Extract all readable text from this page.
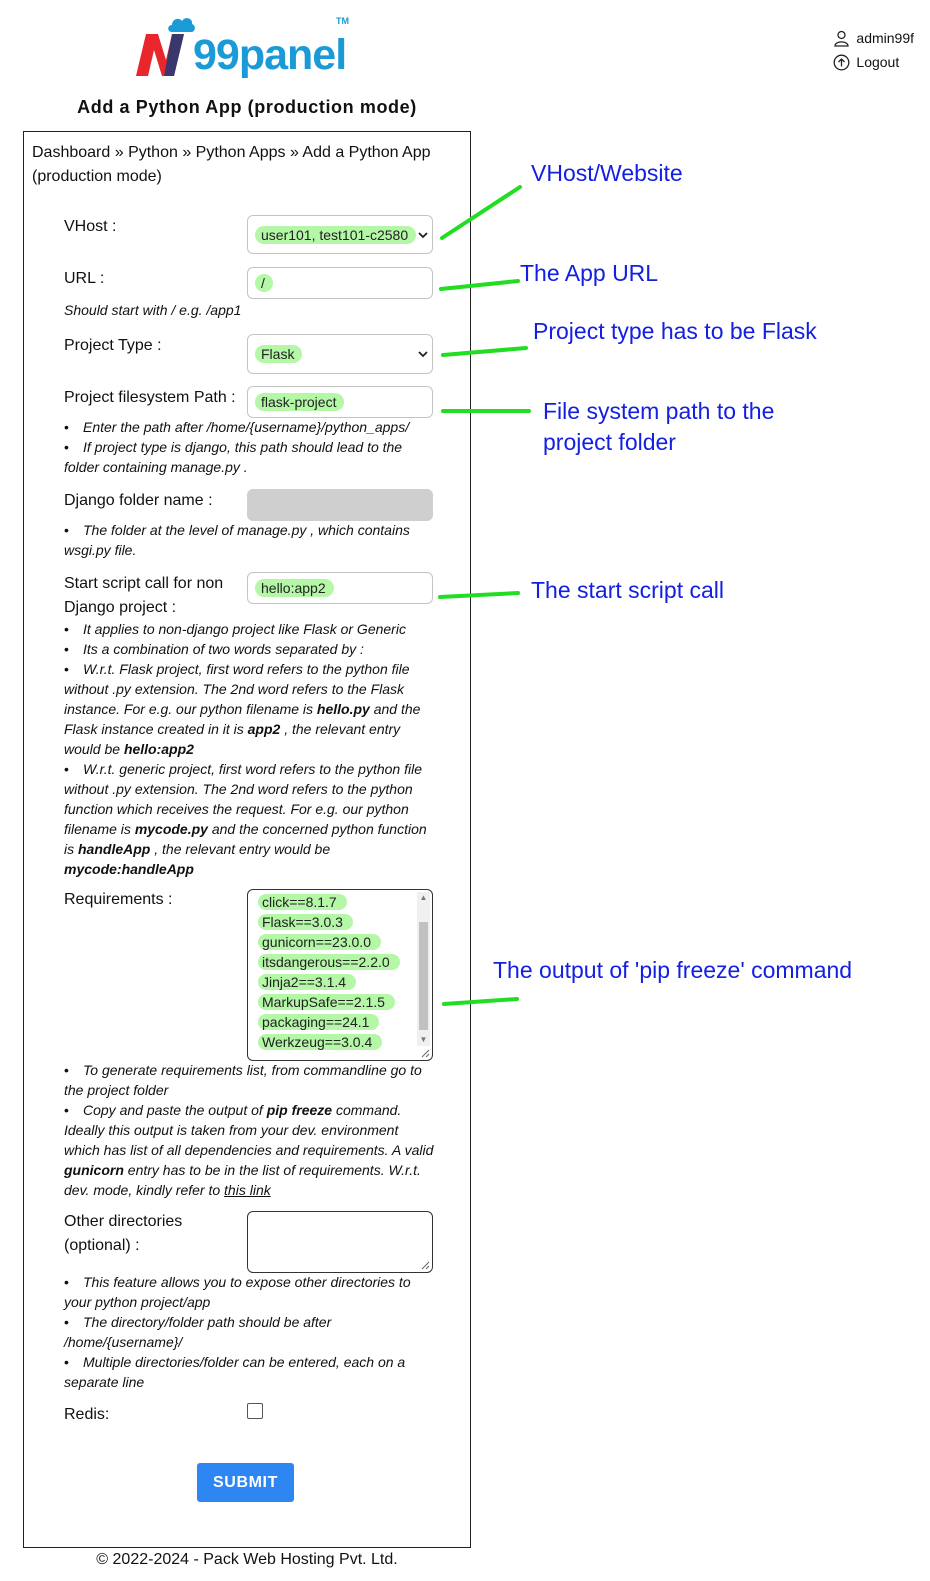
99panel
TM
admin99f
Logout
Add a Python App (production mode)
Dashboard » Python » Python Apps » Add a Python App (production mode)
VHost :	user101, test101-c2580
URL :	/
Should start with / e.g. /app1
Project Type :	Flask
Project filesystem Path :	flask-project
• Enter the path after /home/{username}/python_apps/
• If project type is django, this path should lead to the folder containing manage.py .
Django folder name :
• The folder at the level of manage.py , which contains wsgi.py file.
Start script call for non Django project :
hello:app2
• It applies to non-django project like Flask or Generic
• Its a combination of two words separated by :
• W.r.t. Flask project, first word refers to the python file without .py extension. The 2nd word refers to the Flask instance. For e.g. our python filename is hello.py and the Flask instance created in it is app2 , the relevant entry would be hello:app2
• W.r.t. generic project, first word refers to the python file without .py extension. The 2nd word refers to the python function which receives the request. For e.g. our python filename is mycode.py and the concerned python function is handleApp , the relevant entry would be mycode:handleApp
Requirements :	click==8.1.7
Flask==3.0.3
gunicorn==23.0.0
itsdangerous==2.2.0
Jinja2==3.1.4
MarkupSafe==2.1.5
packaging==24.1
Werkzeug==3.0.4
▲
▼
• To generate requirements list, from commandline go to the project folder
• Copy and paste the output of pip freeze command. Ideally this output is taken from your dev. environment which has list of all dependencies and requirements. A valid gunicorn entry has to be in the list of requirements. W.r.t. dev. mode, kindly refer to this link
Other directories (optional) :
• This feature allows you to expose other directories to your python project/app
• The directory/folder path should be after /home/{username}/
• Multiple directories/folder can be entered, each on a separate line
Redis:
SUBMIT
© 2022-2024 - Pack Web Hosting Pvt. Ltd.
VHost/Website
The App URL
Project type has to be Flask
File system path to the project folder
The start script call
The output of 'pip freeze' command
